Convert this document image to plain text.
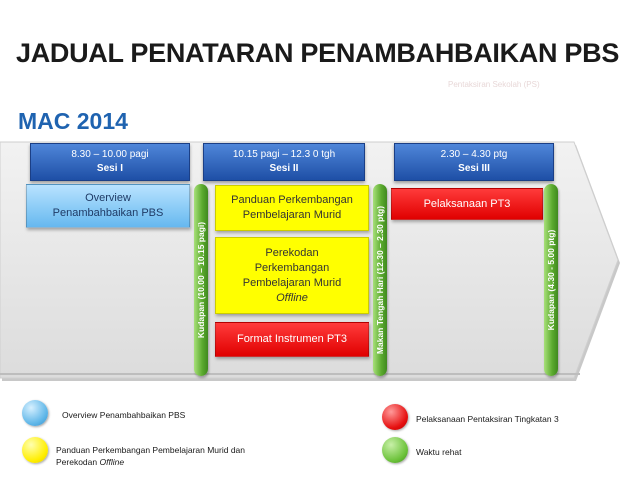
JADUAL PENATARAN PENAMBAHBAIKAN PBS
Pentaksiran Sekolah (PS)
MAC 2014
8.30 – 10.00 pagi
Sesi I
10.15 pagi – 12.3 0 tgh
Sesi II
2.30 – 4.30 ptg
Sesi III
Overview Penambahbaikan PBS
Panduan Perkembangan Pembelajaran Murid
Perekodan
Perkembangan
Pembelajaran Murid
Offline
Format Instrumen PT3
Pelaksanaan PT3
Kudapan (10.00 – 10.15 pagi)	Makan Tengah Hari (12.30 – 2.30 ptg)	Kudapan (4.30 - 5.00 ptg)
Overview Penambahbaikan PBS
Panduan Perkembangan Pembelajaran Murid dan
Perekodan Offline
Pelaksanaan Pentaksiran Tingkatan 3
Waktu rehat
